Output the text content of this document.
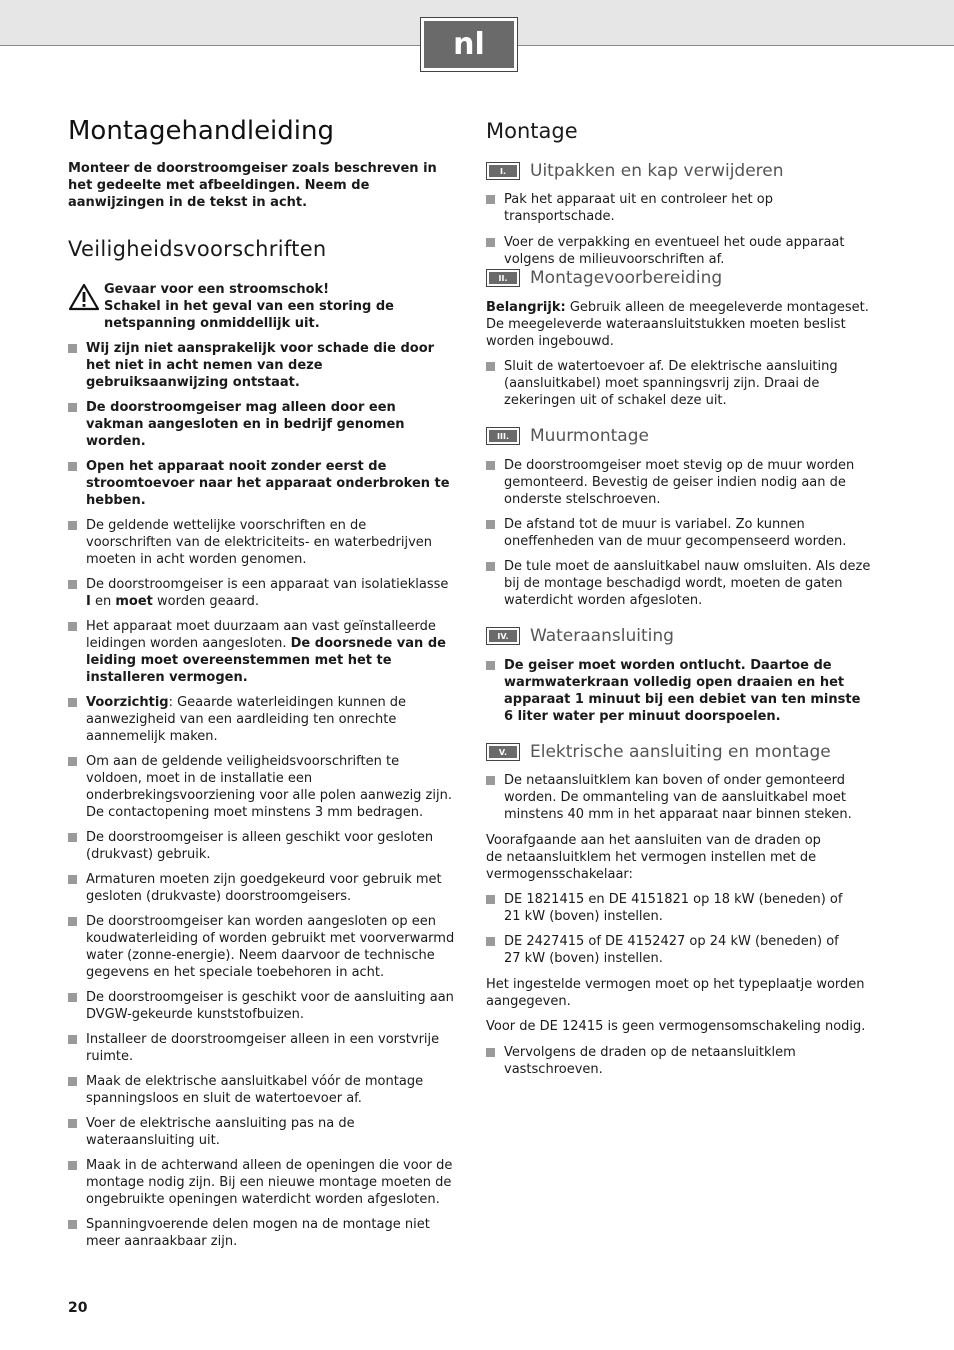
nl
Montagehandleiding

Monteer de doorstroomgeiser zoals beschreven in het gedeelte met afbeeldingen. Neem de aanwijzingen in de tekst in acht.

Veiligheidsvoorschriften
Gevaar voor een stroomschok!
Schakel in het geval van een storing de netspanning onmiddellijk uit.
Wij zijn niet aansprakelijk voor schade die door het niet in acht nemen van deze gebruiksaanwijzing ontstaat.
De doorstroomgeiser mag alleen door een vakman aangesloten en in bedrijf genomen worden.
Open het apparaat nooit zonder eerst de stroomtoevoer naar het apparaat onderbroken te hebben.
De geldende wettelijke voorschriften en de voorschriften van de elektriciteits- en waterbedrijven moeten in acht worden genomen.
De doorstroomgeiser is een apparaat van isolatieklasse I en moet worden geaard.
Het apparaat moet duurzaam aan vast geïnstalleerde leidingen worden aangesloten. De doorsnede van de leiding moet overeenstemmen met het te installeren vermogen.
Voorzichtig: Geaarde waterleidingen kunnen de aanwezigheid van een aardleiding ten onrechte aannemelijk maken.
Om aan de geldende veiligheidsvoorschriften te voldoen, moet in de installatie een onderbrekingsvoorziening voor alle polen aanwezig zijn. De contactopening moet minstens 3 mm bedragen.
De doorstroomgeiser is alleen geschikt voor gesloten (drukvast) gebruik.
Armaturen moeten zijn goedgekeurd voor gebruik met gesloten (drukvaste) doorstroomgeisers.
De doorstroomgeiser kan worden aangesloten op een koudwaterleiding of worden gebruikt met voorverwarmd water (zonne-energie). Neem daarvoor de technische gegevens en het speciale toebehoren in acht.
De doorstroomgeiser is geschikt voor de aansluiting aan DVGW-gekeurde kunststofbuizen.
Installeer de doorstroomgeiser alleen in een vorstvrije ruimte.
Maak de elektrische aansluitkabel vóór de montage spanningsloos en sluit de watertoevoer af.
Voer de elektrische aansluiting pas na de wateraansluiting uit.
Maak in de achterwand alleen de openingen die voor de montage nodig zijn. Bij een nieuwe montage moeten de ongebruikte openingen waterdicht worden afgesloten.
Spanningvoerende delen mogen na de montage niet meer aanraakbaar zijn.
Montage
I.	Uitpakken en kap verwijderen
Pak het apparaat uit en controleer het op transportschade.
Voer de verpakking en eventueel het oude apparaat volgens de milieuvoorschriften af.
II.	Montagevoorbereiding

Belangrijk: Gebruik alleen de meegeleverde montageset. De meegeleverde wateraansluitstukken moeten beslist worden ingebouwd.

Sluit de watertoevoer af. De elektrische aansluiting (aansluitkabel) moet spanningsvrij zijn. Draai de zekeringen uit of schakel deze uit.
III.	Muurmontage
De doorstroomgeiser moet stevig op de muur worden gemonteerd. Bevestig de geiser indien nodig aan de onderste stelschroeven.
De afstand tot de muur is variabel. Zo kunnen oneffenheden van de muur gecompenseerd worden.
De tule moet de aansluitkabel nauw omsluiten. Als deze bij de montage beschadigd wordt, moeten de gaten waterdicht worden afgesloten.
IV.	Wateraansluiting
De geiser moet worden ontlucht. Daartoe de warmwaterkraan volledig open draaien en het apparaat 1 minuut bij een debiet van ten minste 6 liter water per minuut doorspoelen.
V.	Elektrische aansluiting en montage
De netaansluitklem kan boven of onder gemonteerd worden. De ommanteling van de aansluitkabel moet minstens 40 mm in het apparaat naar binnen steken.

Voorafgaande aan het aansluiten van de draden op de netaansluitklem het vermogen instellen met de vermogensschakelaar:

DE 1821415 en DE 4151821 op 18 kW (beneden) of 21 kW (boven) instellen.
DE 2427415 of DE 4152427 op 24 kW (beneden) of 27 kW (boven) instellen.

Het ingestelde vermogen moet op het typeplaatje worden aangegeven.

Voor de DE 12415 is geen vermogensomschakeling nodig.

Vervolgens de draden op de netaansluitklem vastschroeven.
20
